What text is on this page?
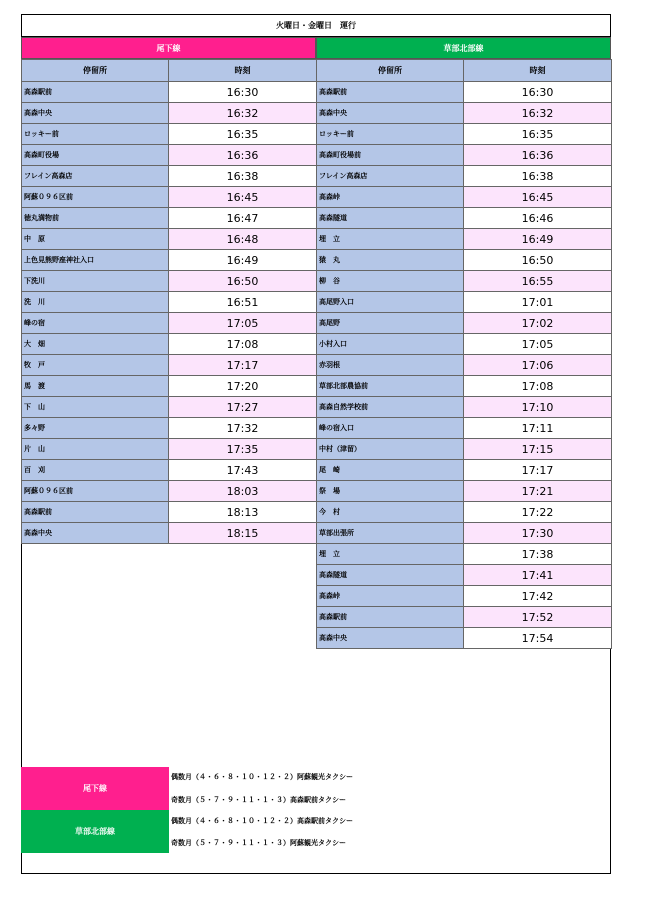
火曜日・金曜日　運行
尾下線	草部北部線
停留所	時刻
高森駅前	16:30
高森中央	16:32
ロッキー前	16:35
高森町役場	16:36
フレイン高森店	16:38
阿蘇０９６区前	16:45
徳丸満物前	16:47
中　原	16:48
上色見熊野座神社入口	16:49
下洗川	16:50
洗　川	16:51
峰の宿	17:05
大　畑	17:08
牧　戸	17:17
馬　渡	17:20
下　山	17:27
多々野	17:32
片　山	17:35
百　刈	17:43
阿蘇０９６区前	18:03
高森駅前	18:13
高森中央	18:15
停留所	時刻
高森駅前	16:30
高森中央	16:32
ロッキー前	16:35
高森町役場前	16:36
フレイン高森店	16:38
高森峠	16:45
高森隧道	16:46
埋　立	16:49
猿　丸	16:50
柳　谷	16:55
高尾野入口	17:01
高尾野	17:02
小村入口	17:05
赤羽根	17:06
草部北部農協前	17:08
高森自然学校前	17:10
峰の宿入口	17:11
中村（津留）	17:15
尾　崎	17:17
祭　場	17:21
今　村	17:22
草部出張所	17:30
埋　立	17:38
高森隧道	17:41
高森峠	17:42
高森駅前	17:52
高森中央	17:54
尾下線
偶数月（４・６・８・１０・１２・２）阿蘇観光タクシー
奇数月（５・７・９・１１・１・３）高森駅前タクシー
草部北部線
偶数月（４・６・８・１０・１２・２）高森駅前タクシー
奇数月（５・７・９・１１・１・３）阿蘇観光タクシー
